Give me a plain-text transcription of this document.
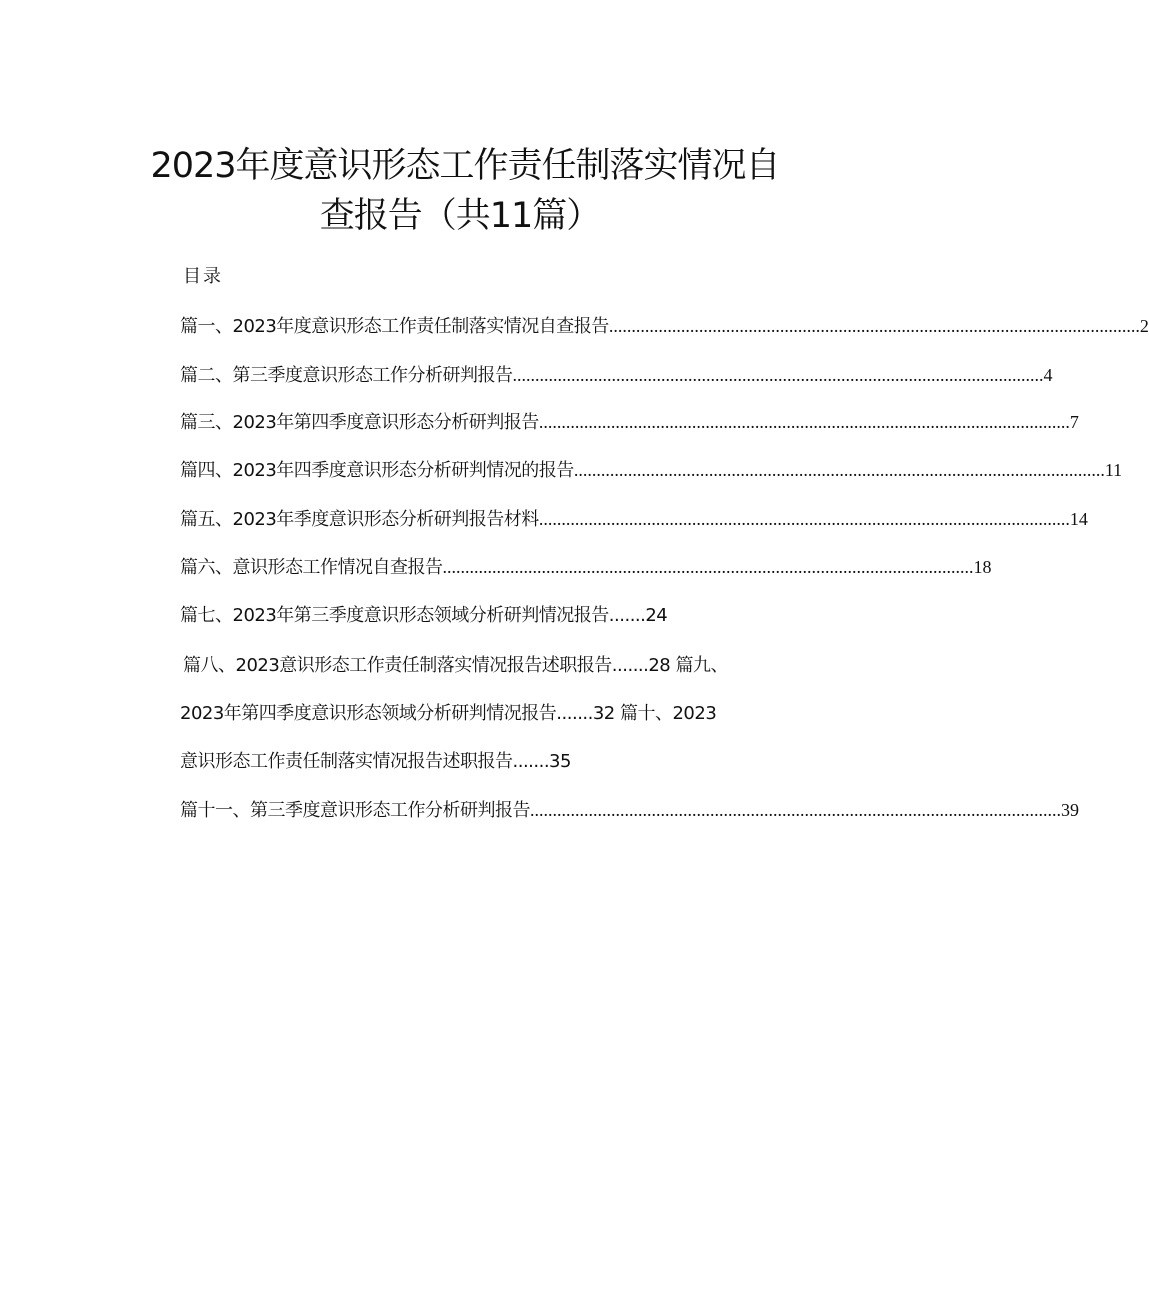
2023年度意识形态工作责任制落实情况自
查报告（共11篇）
目录
篇一、2023年度意识形态工作责任制落实情况自查报告 ...................................................................................................................... 2
篇二、第三季度意识形态工作分析研判报告 ...................................................................................................................... 4
篇三、2023年第四季度意识形态分析研判报告 ...................................................................................................................... 7
篇四、2023年四季度意识形态分析研判情况的报告 ...................................................................................................................... 11
篇五、2023年季度意识形态分析研判报告材料 ...................................................................................................................... 14
篇六、意识形态工作情况自查报告 ...................................................................................................................... 18
篇七、2023年第三季度意识形态领域分析研判情况报告.......24
篇八、2023意识形态工作责任制落实情况报告述职报告.......28 篇九、
2023年第四季度意识形态领域分析研判情况报告.......32 篇十、2023
意识形态工作责任制落实情况报告述职报告.......35
篇十一、第三季度意识形态工作分析研判报告 ...................................................................................................................... 39
